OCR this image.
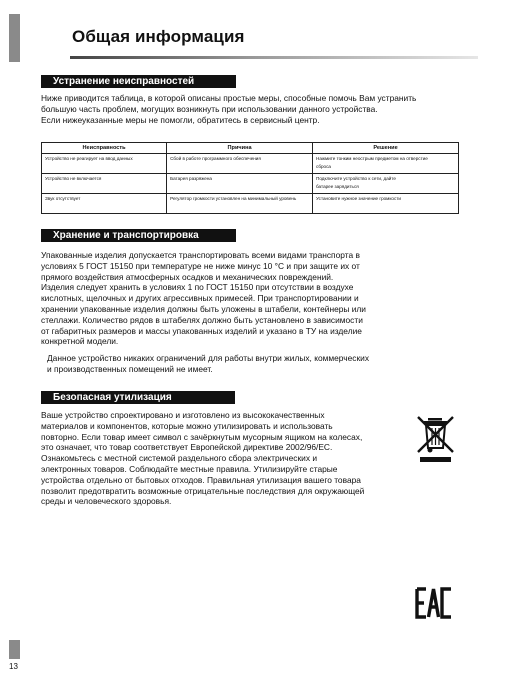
Общая информация
Устранение неисправностей

Ниже приводится таблица, в которой описаны простые меры, способные помочь Вам устранить
большую часть проблем, могущих возникнуть при использовании данного устройства.
Если нижеуказанные меры не помогли, обратитесь в сервисный центр.

Неисправность	Причина	Решение
Устройство не реагирует на ввод данных	Сбой в работе программного обеспечения	Нажмите тонким неострым предметом на отверстие
сброса
Устройство не включается	Батарея разряжена	Подключите устройство к сети, дайте
батарее зарядиться
Звук отсутствует	Регулятор громкости установлен на минимальный уровень	Установите нужное значение громкости
Хранение и транспортировка

Упакованные изделия допускается транспортировать всеми видами транспорта в
условиях 5 ГОСТ 15150 при температуре не ниже минус 10 °С и при защите их от
прямого воздействия атмосферных осадков и механических повреждений.
Изделия следует хранить в условиях 1 по ГОСТ 15150 при отсутствии в воздухе
кислотных, щелочных и других агрессивных примесей. При транспортировании и
хранении упакованные изделия должны быть уложены в штабели, контейнеры или
стеллажи. Количество рядов в штабелях должно быть установлено в зависимости
от габаритных размеров и массы упакованных изделий и указано в ТУ на изделие
конкретной модели.

Данное устройство никаких ограничений для работы внутри жилых, коммерческих
и производственных помещений не имеет.

Безопасная утилизация

Ваше устройство спроектировано и изготовлено из высококачественных
материалов и компонентов, которые можно утилизировать и использовать
повторно. Если товар имеет символ с зачёркнутым мусорным ящиком на колесах,
это означает, что товар соответствует Европейской директиве 2002/96/ЕС.
Ознакомьтесь с местной системой раздельного сбора электрических и
электронных товаров. Соблюдайте местные правила. Утилизируйте старые
устройства отдельно от бытовых отходов. Правильная утилизация вашего товара
позволит предотвратить возможные отрицательные последствия для окружающей
среды и человеческого здоровья.

13
